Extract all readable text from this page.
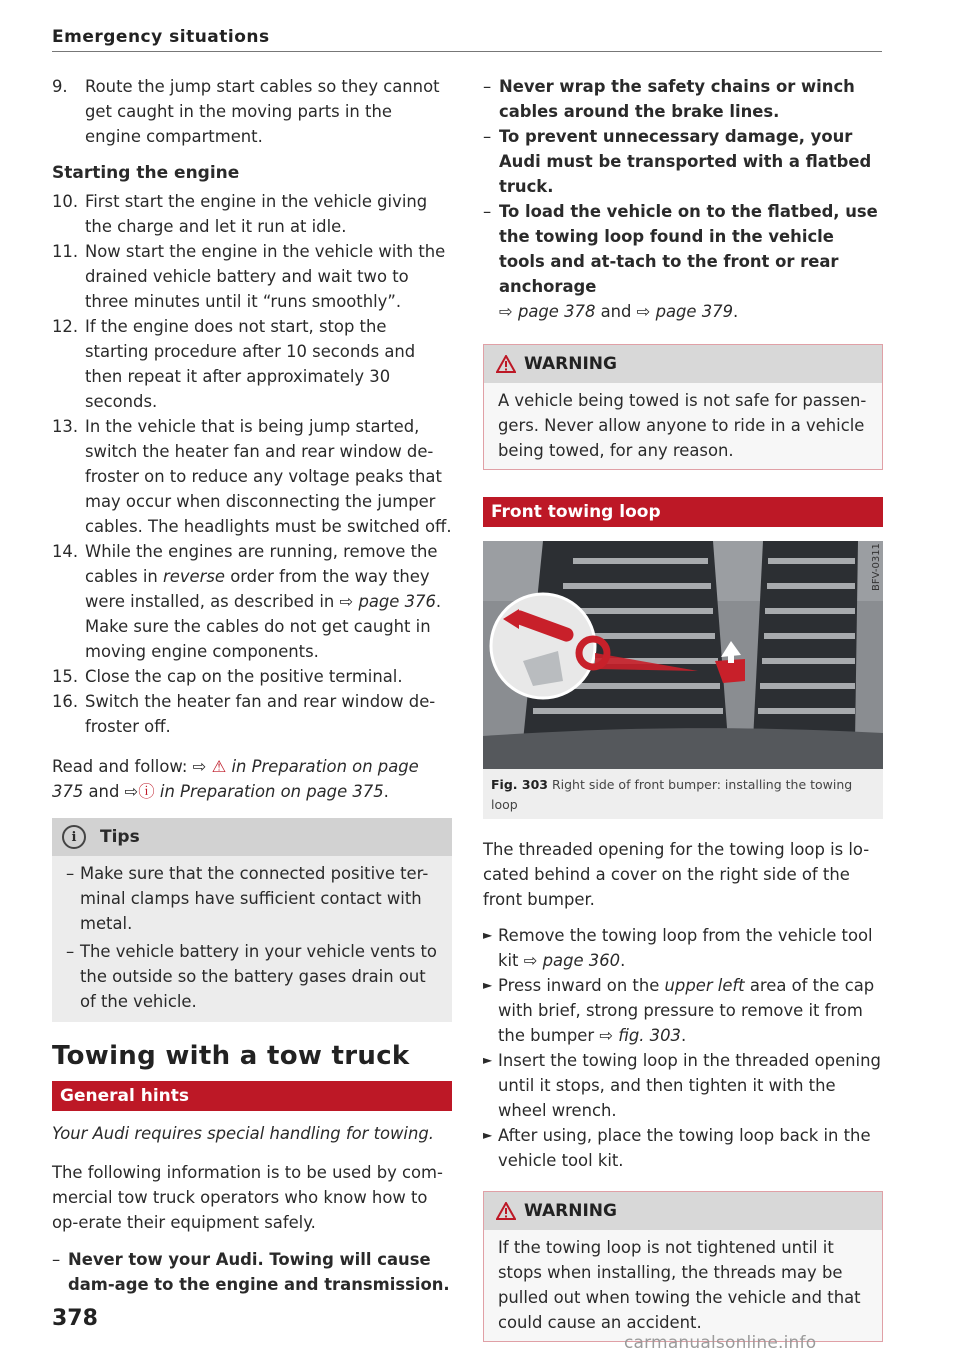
Emergency situations
9. Route the jump start cables so they cannot get caught in the moving parts in the engine compartment.
Starting the engine
10. First start the engine in the vehicle giving the charge and let it run at idle.
11. Now start the engine in the vehicle with the drained vehicle battery and wait two to three minutes until it “runs smoothly”.
12. If the engine does not start, stop the starting procedure after 10 seconds and then repeat it after approximately 30 seconds.
13. In the vehicle that is being jump started, switch the heater fan and rear window de-froster on to reduce any voltage peaks that may occur when disconnecting the jumper cables. The headlights must be switched off.
14. While the engines are running, remove the cables in reverse order from the way they were installed, as described in ⇨ page 376. Make sure the cables do not get caught in moving engine components.
15. Close the cap on the positive terminal.
16. Switch the heater fan and rear window de-froster off.

Read and follow: ⇨ ⚠ in Preparation on page 375 and ⇨ⓘ in Preparation on page 375.

i	Tips
– Make sure that the connected positive ter-minal clamps have sufficient contact with metal.
– The vehicle battery in your vehicle vents to the outside so the battery gases drain out of the vehicle.
Towing with a tow truck
General hints

Your Audi requires special handling for towing.

The following information is to be used by com-mercial tow truck operators who know how to op-erate their equipment safely.

– Never tow your Audi. Towing will cause dam-age to the engine and transmission.
– Never wrap the safety chains or winch cables around the brake lines.
– To prevent unnecessary damage, your Audi must be transported with a flatbed truck.
– To load the vehicle on to the flatbed, use the towing loop found in the vehicle tools and at-tach to the front or rear anchorage
⇨ page 378 and ⇨ page 379.
WARNING
A vehicle being towed is not safe for passen-gers. Never allow anyone to ride in a vehicle being towed, for any reason.
Front towing loop
BFV-0311
Fig. 303 Right side of front bumper: installing the towing loop

The threaded opening for the towing loop is lo-cated behind a cover on the right side of the front bumper.

► Remove the towing loop from the vehicle tool kit ⇨ page 360.
► Press inward on the upper left area of the cap with brief, strong pressure to remove it from the bumper ⇨ fig. 303.
► Insert the towing loop in the threaded opening until it stops, and then tighten it with the wheel wrench.
► After using, place the towing loop back in the vehicle tool kit.
WARNING
If the towing loop is not tightened until it stops when installing, the threads may be pulled out when towing the vehicle and that could cause an accident.
378
carmanualsonline.info
